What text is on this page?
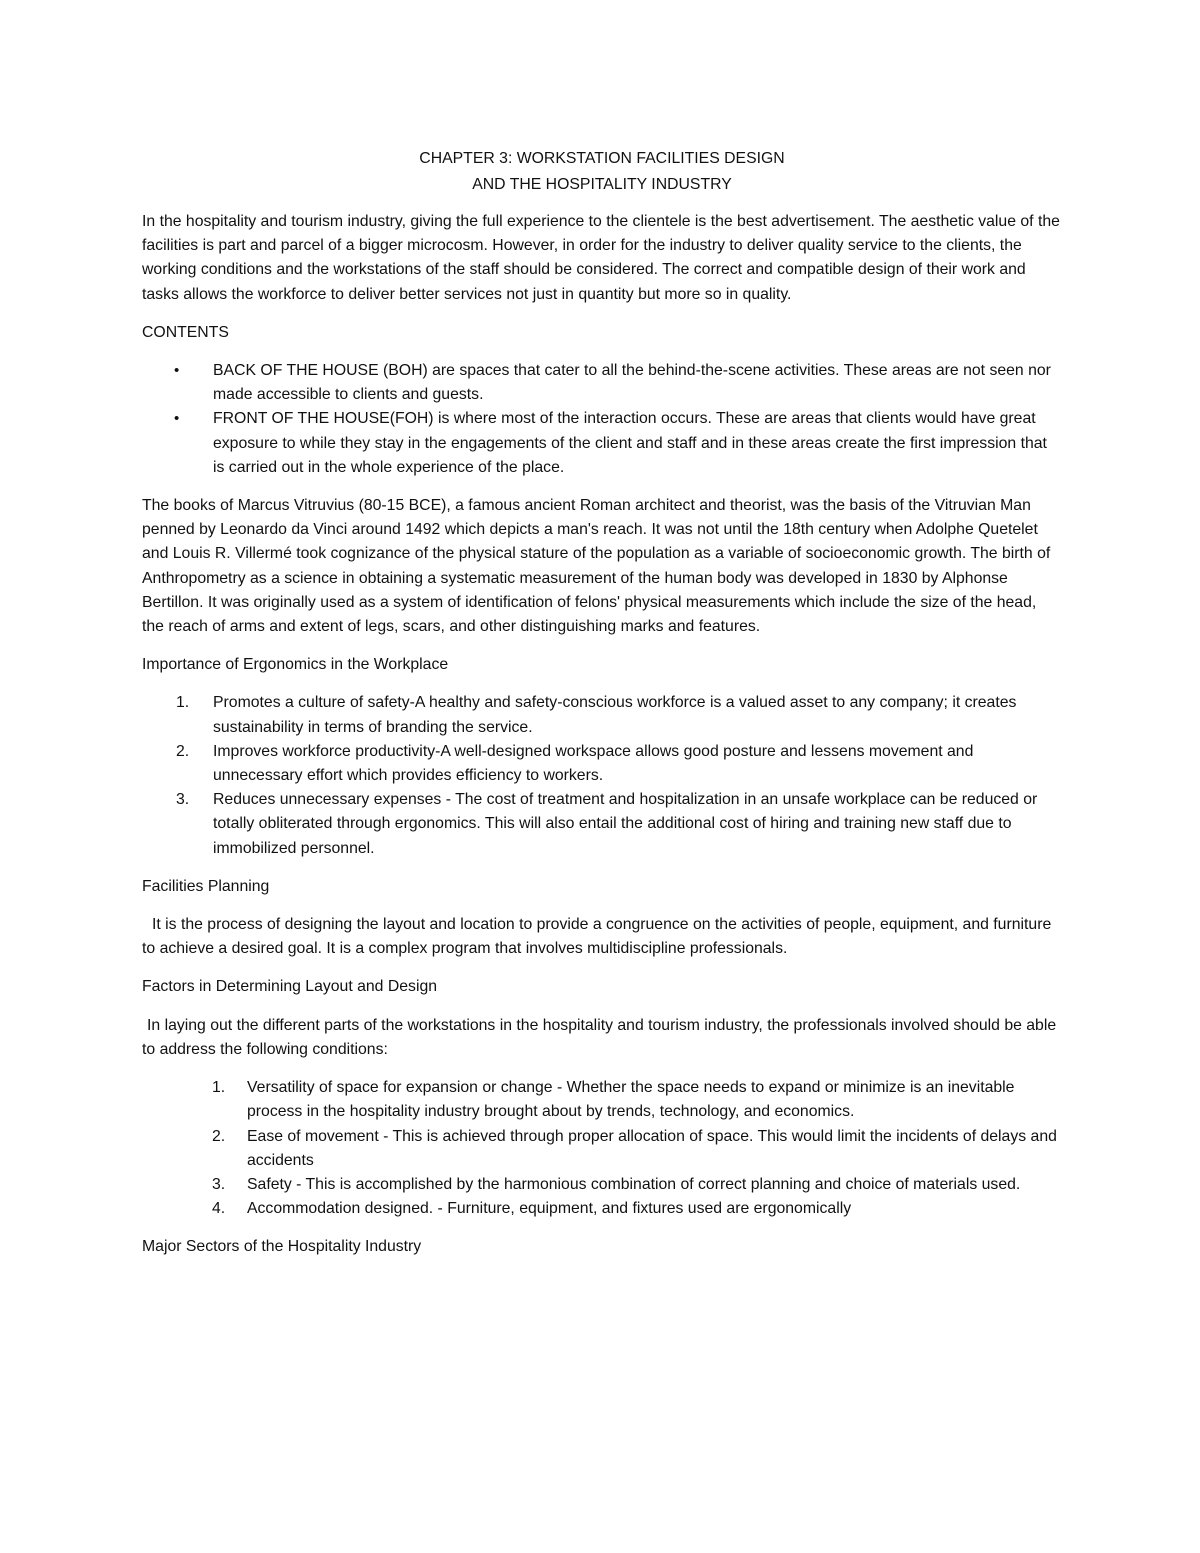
CHAPTER 3: WORKSTATION FACILITIES DESIGN
AND THE HOSPITALITY INDUSTRY

In the hospitality and tourism industry, giving the full experience to the clientele is the best advertisement. The aesthetic value of the facilities is part and parcel of a bigger microcosm. However, in order for the industry to deliver quality service to the clients, the working conditions and the workstations of the staff should be considered. The correct and compatible design of their work and tasks allows the workforce to deliver better services not just in quantity but more so in quality.

CONTENTS
• BACK OF THE HOUSE (BOH) are spaces that cater to all the behind-the-scene activities. These areas are not seen nor made accessible to clients and guests.
• FRONT OF THE HOUSE(FOH) is where most of the interaction occurs. These are areas that clients would have great exposure to while they stay in the engagements of the client and staff and in these areas create the first impression that is carried out in the whole experience of the place.

The books of Marcus Vitruvius (80-15 BCE), a famous ancient Roman architect and theorist, was the basis of the Vitruvian Man penned by Leonardo da Vinci around 1492 which depicts a man's reach. It was not until the 18th century when Adolphe Quetelet and Louis R. Villermé took cognizance of the physical stature of the population as a variable of socioeconomic growth. The birth of Anthropometry as a science in obtaining a systematic measurement of the human body was developed in 1830 by Alphonse Bertillon. It was originally used as a system of identification of felons' physical measurements which include the size of the head, the reach of arms and extent of legs, scars, and other distinguishing marks and features.

Importance of Ergonomics in the Workplace
1. Promotes a culture of safety-A healthy and safety-conscious workforce is a valued asset to any company; it creates sustainability in terms of branding the service.
2. Improves workforce productivity-A well-designed workspace allows good posture and lessens movement and unnecessary effort which provides efficiency to workers.
3. Reduces unnecessary expenses - The cost of treatment and hospitalization in an unsafe workplace can be reduced or totally obliterated through ergonomics. This will also entail the additional cost of hiring and training new staff due to immobilized personnel.
Facilities Planning

It is the process of designing the layout and location to provide a congruence on the activities of people, equipment, and furniture to achieve a desired goal. It is a complex program that involves multidiscipline professionals.

Factors in Determining Layout and Design

In laying out the different parts of the workstations in the hospitality and tourism industry, the professionals involved should be able to address the following conditions:

1. Versatility of space for expansion or change - Whether the space needs to expand or minimize is an inevitable process in the hospitality industry brought about by trends, technology, and economics.
2. Ease of movement - This is achieved through proper allocation of space. This would limit the incidents of delays and accidents
3. Safety - This is accomplished by the harmonious combination of correct planning and choice of materials used.
4. Accommodation designed. - Furniture, equipment, and fixtures used are ergonomically
Major Sectors of the Hospitality Industry
